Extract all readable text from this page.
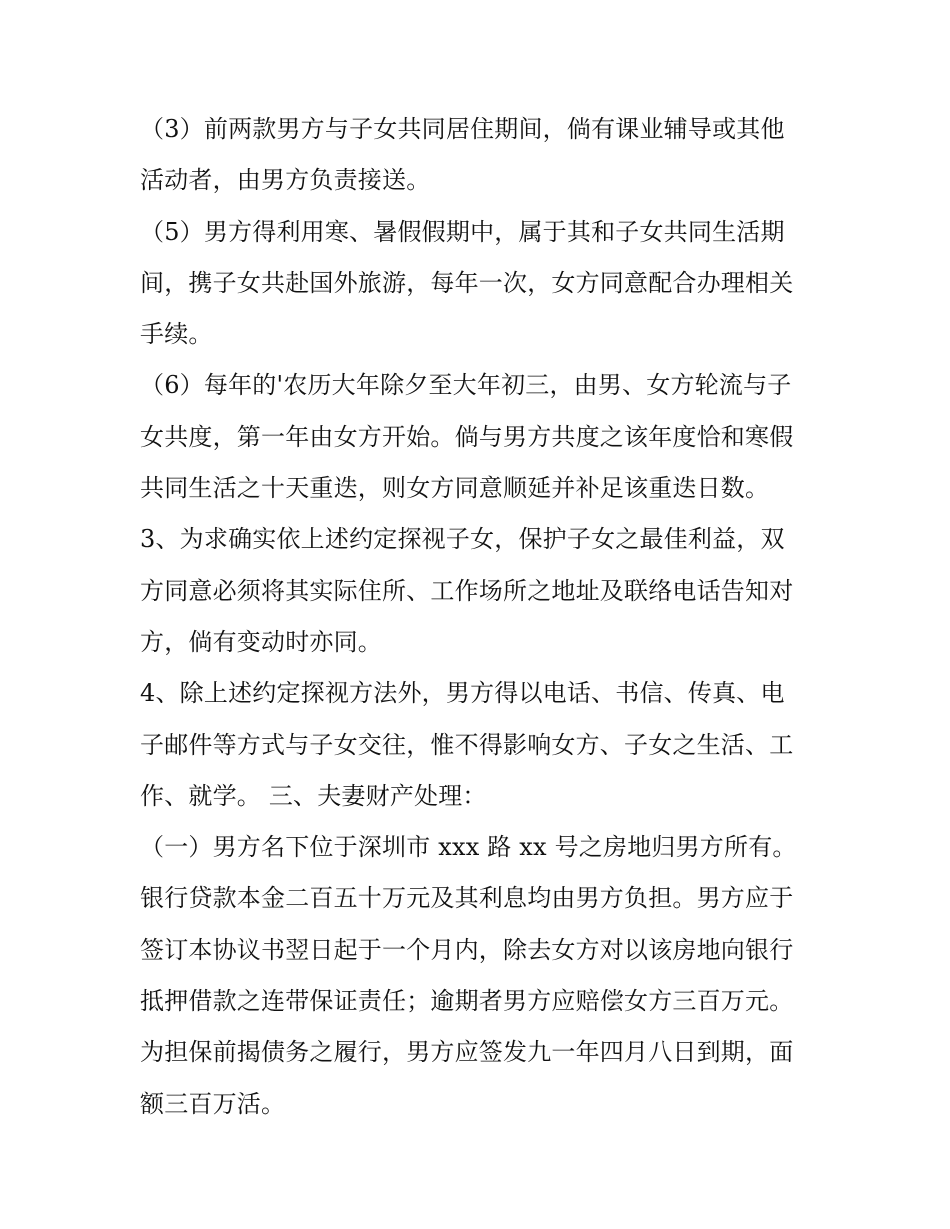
（3）前两款男方与子女共同居住期间，倘有课业辅导或其他
活动者，由男方负责接送。
（5）男方得利用寒、暑假假期中，属于其和子女共同生活期
间，携子女共赴国外旅游，每年一次，女方同意配合办理相关
手续。
（6）每年的'农历大年除夕至大年初三，由男、女方轮流与子
女共度，第一年由女方开始。倘与男方共度之该年度恰和寒假
共同生活之十天重迭，则女方同意顺延并补足该重迭日数。
3、为求确实依上述约定探视子女，保护子女之最佳利益，双
方同意必须将其实际住所、工作场所之地址及联络电话告知对
方，倘有变动时亦同。
4、除上述约定探视方法外，男方得以电话、书信、传真、电
子邮件等方式与子女交往，惟不得影响女方、子女之生活、工
作、就学。 三、夫妻财产处理：
（一）男方名下位于深圳市 xxx 路 xx 号之房地归男方所有。
银行贷款本金二百五十万元及其利息均由男方负担。男方应于
签订本协议书翌日起于一个月内，除去女方对以该房地向银行
抵押借款之连带保证责任；逾期者男方应赔偿女方三百万元。
为担保前揭债务之履行，男方应签发九一年四月八日到期，面
额三百万活。
